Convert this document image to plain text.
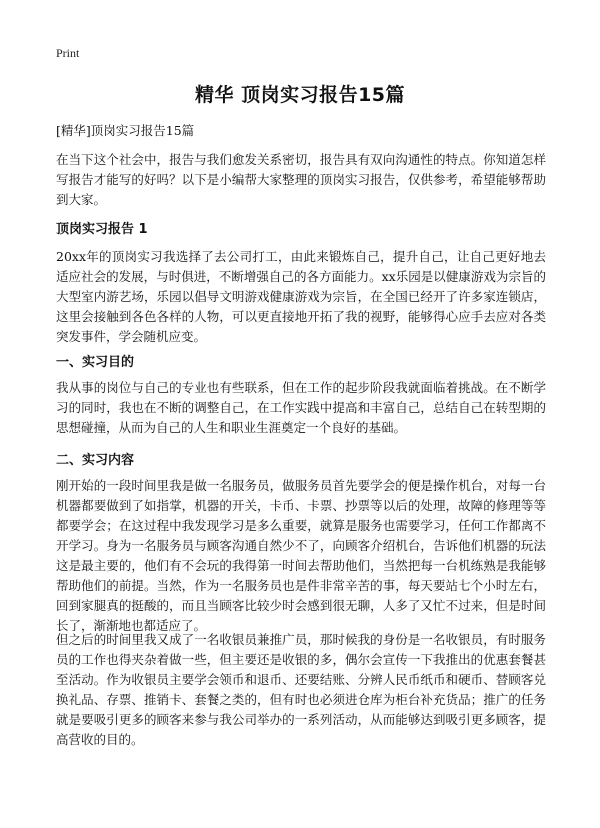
Print
精华 顶岗实习报告15篇
[精华]顶岗实习报告15篇

在当下这个社会中，报告与我们愈发关系密切，报告具有双向沟通性的特点。你知道怎样写报告才能写的好吗？以下是小编帮大家整理的顶岗实习报告，仅供参考，希望能够帮助到大家。

顶岗实习报告 1

20xx年的顶岗实习我选择了去公司打工，由此来锻炼自己，提升自己，让自己更好地去适应社会的发展，与时俱进，不断增强自己的各方面能力。xx乐园是以健康游戏为宗旨的大型室内游艺场，乐园以倡导文明游戏健康游戏为宗旨，在全国已经开了许多家连锁店，这里会接触到各色各样的人物，可以更直接地开拓了我的视野，能够得心应手去应对各类突发事件，学会随机应变。

一、实习目的

我从事的岗位与自己的专业也有些联系，但在工作的起步阶段我就面临着挑战。在不断学习的同时，我也在不断的调整自己，在工作实践中提高和丰富自己，总结自己在转型期的思想碰撞，从而为自己的人生和职业生涯奠定一个良好的基础。

二、实习内容

刚开始的一段时间里我是做一名服务员，做服务员首先要学会的便是操作机台，对每一台机器都要做到了如指掌，机器的开关，卡币、卡票、抄票等以后的处理，故障的修理等等都要学会；在这过程中我发现学习是多么重要，就算是服务也需要学习，任何工作都离不开学习。身为一名服务员与顾客沟通自然少不了，向顾客介绍机台，告诉他们机器的玩法这是最主要的，他们有不会玩的我得第一时间去帮助他们，当然把每一台机练熟是我能够帮助他们的前提。当然，作为一名服务员也是件非常辛苦的事，每天要站七个小时左右，回到家腿真的挺酸的，而且当顾客比较少时会感到很无聊，人多了又忙不过来，但是时间长了，渐渐地也都适应了。

但之后的时间里我又成了一名收银员兼推广员，那时候我的身份是一名收银员，有时服务员的工作也得夹杂着做一些，但主要还是收银的多，偶尔会宣传一下我推出的优惠套餐甚至活动。作为收银员主要学会领币和退币、还要结账、分辨人民币纸币和硬币、替顾客兑换礼品、存票、推销卡、套餐之类的，但有时也必须进仓库为柜台补充货品；推广的任务就是要吸引更多的顾客来参与我公司举办的一系列活动，从而能够达到吸引更多顾客，提高营收的目的。
